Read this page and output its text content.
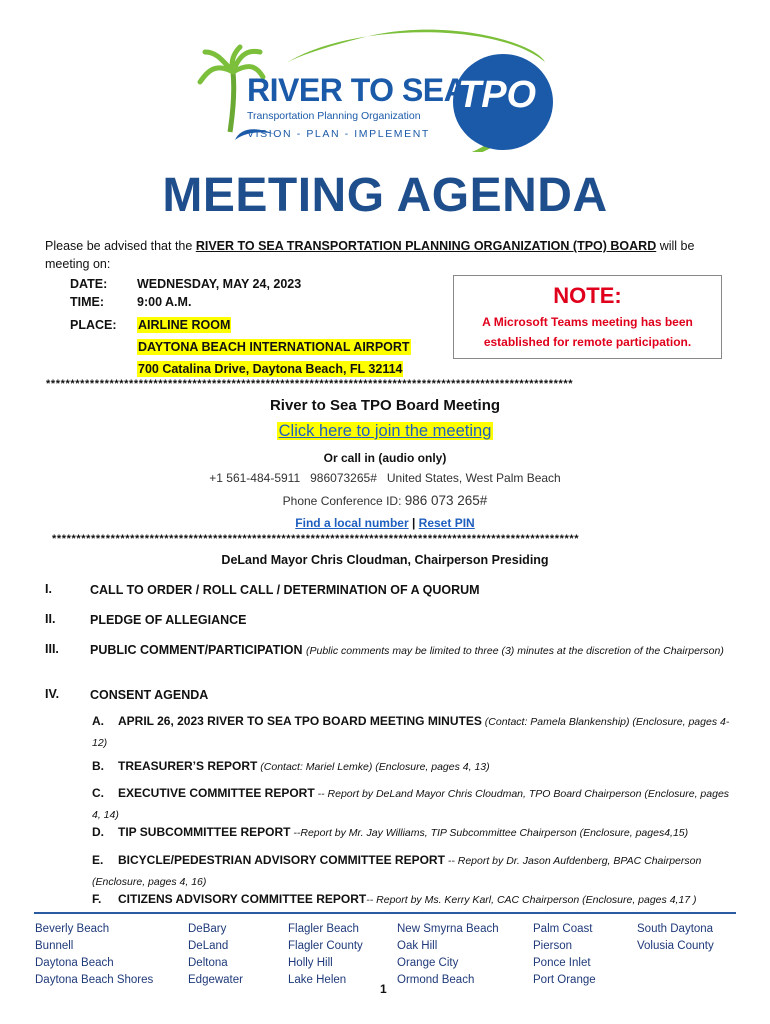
RIVER TO SEA
TPO
Transportation Planning Organization
VISION - PLAN - IMPLEMENT
MEETING AGENDA
Please be advised that the RIVER TO SEA TRANSPORTATION PLANNING ORGANIZATION (TPO) BOARD will be meeting on:
DATE: WEDNESDAY, MAY 24, 2023
TIME:	9:00 A.M.
PLACE: AIRLINE ROOM
DAYTONA BEACH INTERNATIONAL AIRPORT
700 Catalina Drive, Daytona Beach, FL 32114
NOTE:
A Microsoft Teams meeting has been
established for remote participation.
************************************************************************************************************
River to Sea TPO Board Meeting
Click here to join the meeting
Or call in (audio only)
+1 561-484-5911   986073265#   United States, West Palm Beach
Phone Conference ID: 986 073 265#
Find a local number | Reset PIN
************************************************************************************************************
DeLand Mayor Chris Cloudman, Chairperson Presiding
I.	CALL TO ORDER / ROLL CALL / DETERMINATION OF A QUORUM
II.	PLEDGE OF ALLEGIANCE
III. PUBLIC COMMENT/PARTICIPATION (Public comments may be limited to three (3) minutes at the discretion of the Chairperson)
IV. CONSENT AGENDA
A. APRIL 26, 2023 RIVER TO SEA TPO BOARD MEETING MINUTES (Contact: Pamela Blankenship) (Enclosure, pages 4-12)
B. TREASURER’S REPORT (Contact: Mariel Lemke) (Enclosure, pages 4, 13)
C. EXECUTIVE COMMITTEE REPORT -- Report by DeLand Mayor Chris Cloudman, TPO Board Chairperson (Enclosure, pages 4, 14)
D. TIP SUBCOMMITTEE REPORT --Report by Mr. Jay Williams, TIP Subcommittee Chairperson (Enclosure, pages4,15)
E. BICYCLE/PEDESTRIAN ADVISORY COMMITTEE REPORT -- Report by Dr. Jason Aufdenberg, BPAC Chairperson (Enclosure, pages 4, 16)
F. CITIZENS ADVISORY COMMITTEE REPORT-- Report by Ms. Kerry Karl, CAC Chairperson (Enclosure, pages 4,17 )
Beverly Beach
Bunnell
Daytona Beach
Daytona Beach Shores
DeBary
DeLand
Deltona
Edgewater
Flagler Beach
Flagler County
Holly Hill
Lake Helen
New Smyrna Beach
Oak Hill
Orange City
Ormond Beach
Palm Coast
Pierson
Ponce Inlet
Port Orange
South Daytona
Volusia County
1
